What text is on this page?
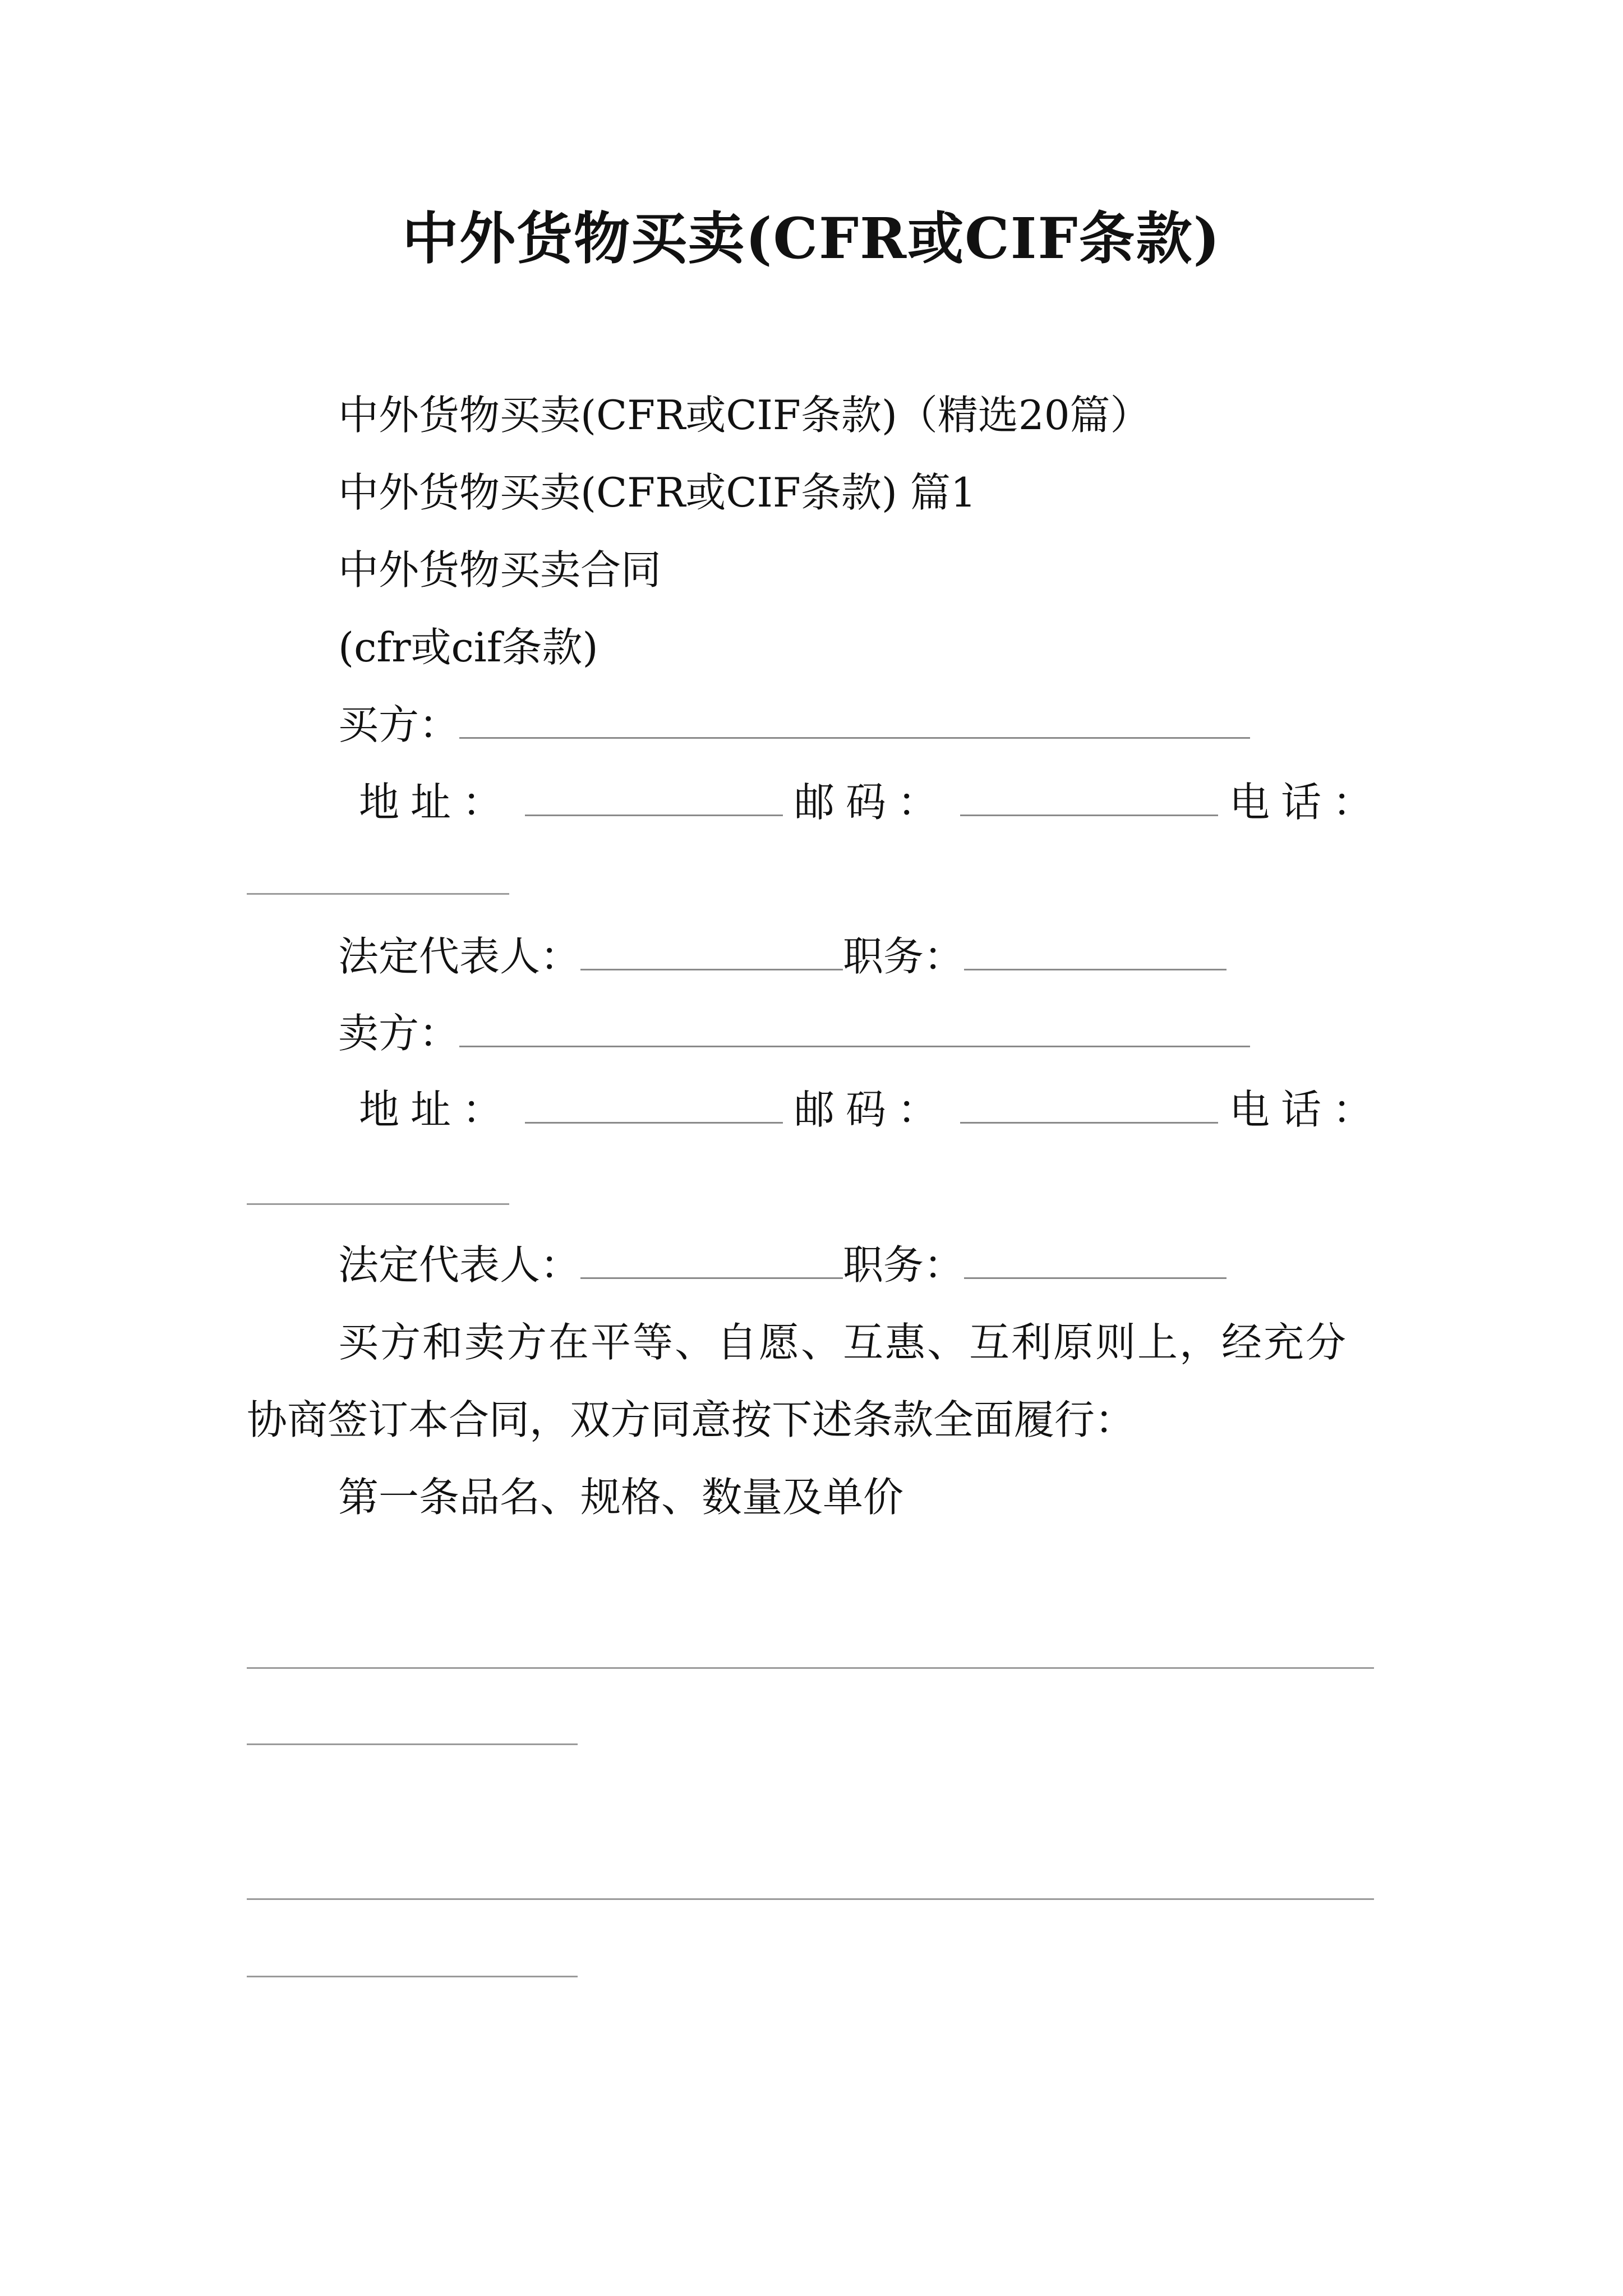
中外货物买卖(CFR或CIF条款)
中外货物买卖(CFR或CIF条款)（精选20篇）
中外货物买卖(CFR或CIF条款) 篇1
中外货物买卖合同
(cfr或cif条款)
买方：
地址：	邮码：	电话：
法定代表人：	职务：
卖方：
地址：	邮码：	电话：
法定代表人：	职务：
买方和卖方在平等、自愿、互惠、互利原则上，经充分
协商签订本合同，双方同意按下述条款全面履行：
第一条品名、规格、数量及单价
